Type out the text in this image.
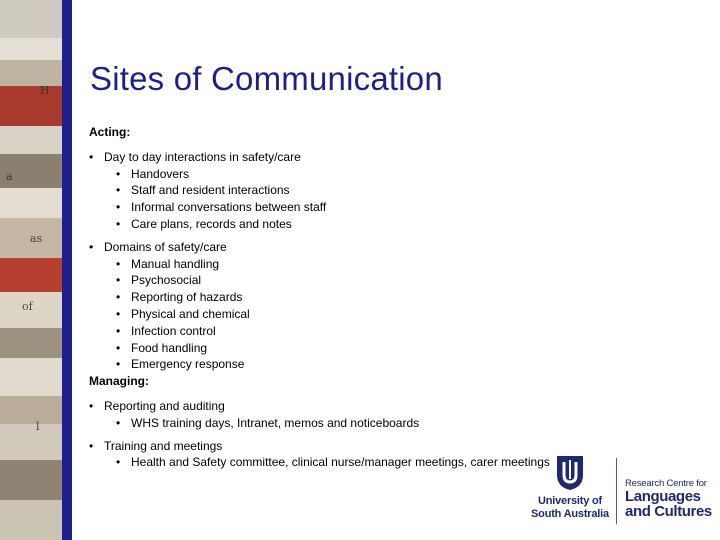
H
a
as
of
l
Sites of Communication

Acting:

• Day to day interactions in safety/care
• Handovers
• Staff and resident interactions
• Informal conversations between staff
• Care plans, records and notes
• Domains of safety/care
• Manual handling
• Psychosocial
• Reporting of hazards
• Physical and chemical
• Infection control
• Food handling
• Emergency response

Managing:

• Reporting and auditing
• WHS training days, Intranet, memos and noticeboards
• Training and meetings
• Health and Safety committee, clinical nurse/manager meetings, carer meetings
University of
South Australia
Research Centre for
Languages
and Cultures
